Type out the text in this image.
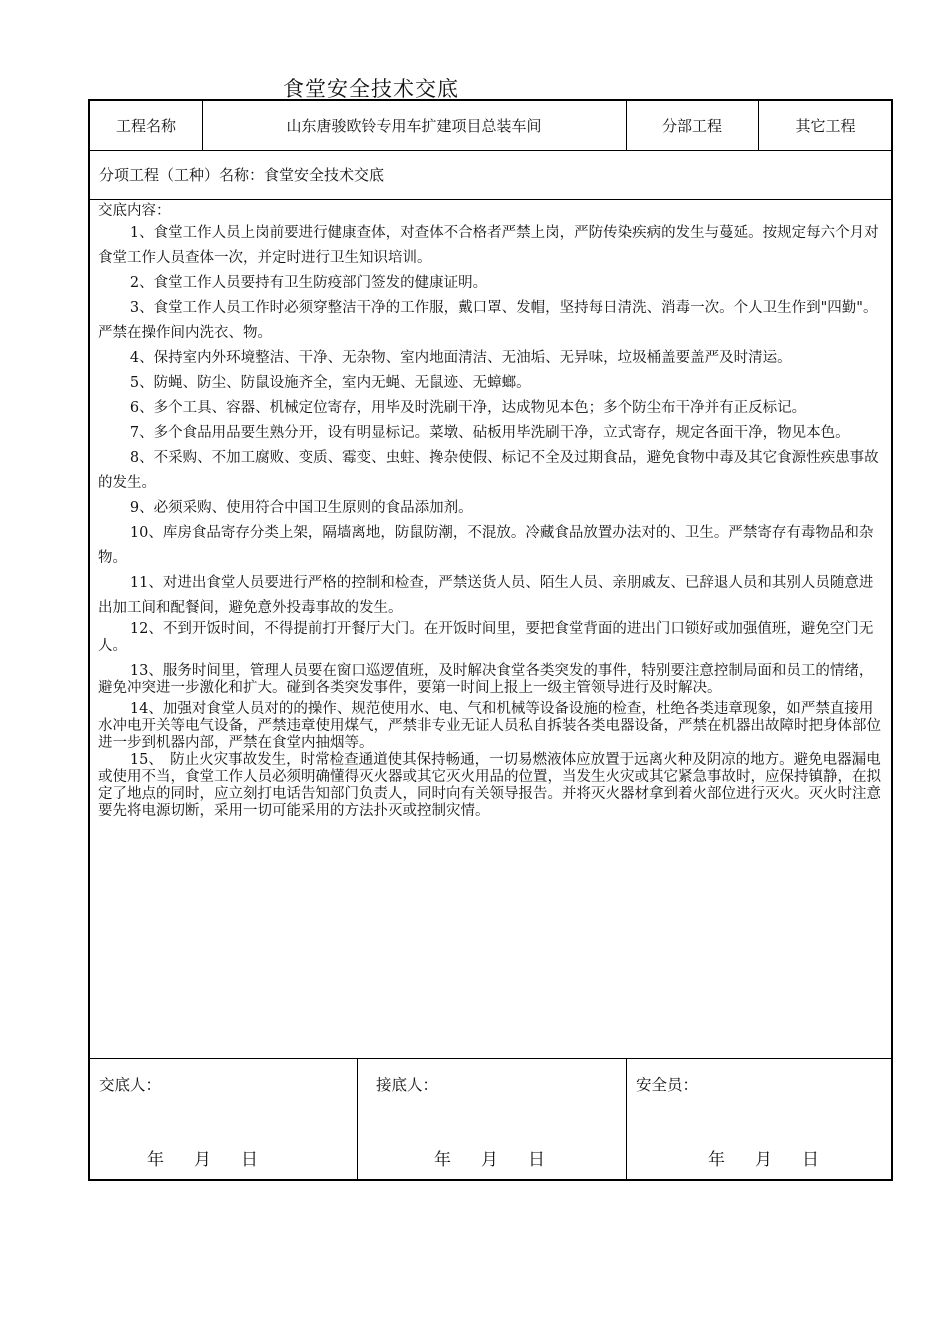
食堂安全技术交底
工程名称	山东唐骏欧铃专用车扩建项目总装车间	分部工程	其它工程
分项工程（工种）名称：食堂安全技术交底
交底内容：

1、食堂工作人员上岗前要进行健康查体，对查体不合格者严禁上岗，严防传染疾病的发生与蔓延。按规定每六个月对食堂工作人员查体一次，并定时进行卫生知识培训。

2、食堂工作人员要持有卫生防疫部门签发的健康证明。

3、食堂工作人员工作时必须穿整洁干净的工作服，戴口罩、发帽，坚持每日清洗、消毒一次。个人卫生作到"四勤"。严禁在操作间内洗衣、物。

4、保持室内外环境整洁、干净、无杂物、室内地面清洁、无油垢、无异味，垃圾桶盖要盖严及时清运。

5、防蝇、防尘、防鼠设施齐全，室内无蝇、无鼠迹、无蟑螂。

6、多个工具、容器、机械定位寄存，用毕及时洗刷干净，达成物见本色；多个防尘布干净并有正反标记。

7、多个食品用品要生熟分开，设有明显标记。菜墩、砧板用毕洗刷干净，立式寄存，规定各面干净，物见本色。

8、不采购、不加工腐败、变质、霉变、虫蛀、搀杂使假、标记不全及过期食品，避免食物中毒及其它食源性疾患事故的发生。

9、必须采购、使用符合中国卫生原则的食品添加剂。

10、库房食品寄存分类上架，隔墙离地，防鼠防潮，不混放。冷藏食品放置办法对的、卫生。严禁寄存有毒物品和杂物。

11、对进出食堂人员要进行严格的控制和检查，严禁送货人员、陌生人员、亲朋戚友、已辞退人员和其别人员随意进出加工间和配餐间，避免意外投毒事故的发生。

12、不到开饭时间，不得提前打开餐厅大门。在开饭时间里，要把食堂背面的进出门口锁好或加强值班，避免空门无人。

13、服务时间里，管理人员要在窗口巡逻值班，及时解决食堂各类突发的事件，特别要注意控制局面和员工的情绪，避免冲突进一步激化和扩大。碰到各类突发事件，要第一时间上报上一级主管领导进行及时解决。

14、加强对食堂人员对的的操作、规范使用水、电、气和机械等设备设施的检查，杜绝各类违章现象，如严禁直接用水冲电开关等电气设备，严禁违章使用煤气，严禁非专业无证人员私自拆装各类电器设备，严禁在机器出故障时把身体部位进一步到机器内部，严禁在食堂内抽烟等。

15、　防止火灾事故发生，时常检查通道使其保持畅通，一切易燃液体应放置于远离火种及阴凉的地方。避免电器漏电或使用不当，食堂工作人员必须明确懂得灭火器或其它灭火用品的位置，当发生火灾或其它紧急事故时，应保持镇静，在拟定了地点的同时，应立刻打电话告知部门负责人，同时向有关领导报告。并将灭火器材拿到着火部位进行灭火。灭火时注意要先将电源切断，采用一切可能采用的方法扑灭或控制灾情。

交底人：	接底人：	安全员：
年 月 日	年 月 日	年 月 日
